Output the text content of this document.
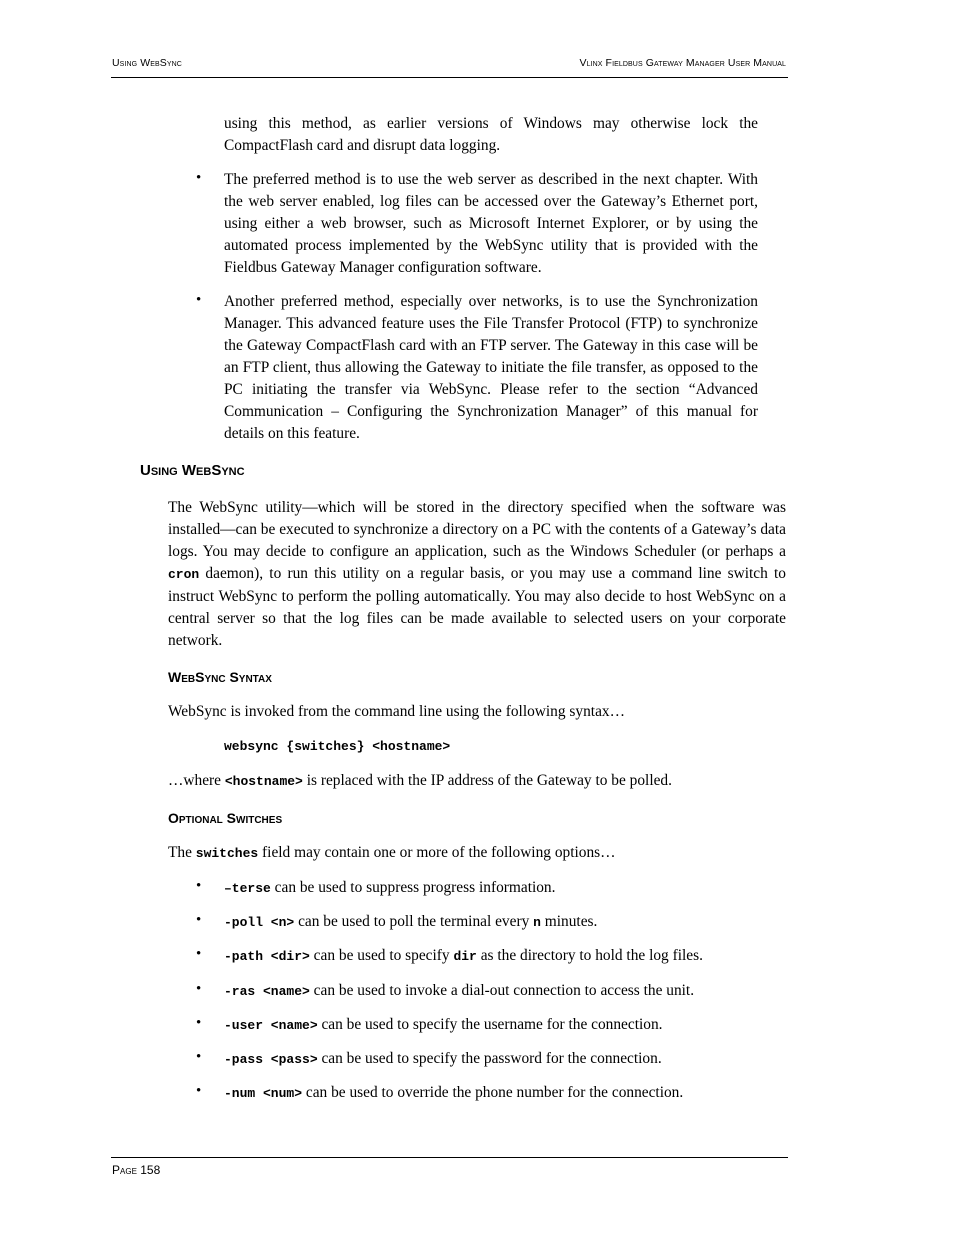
Using WebSync	Vlinx Fieldbus Gateway Manager User Manual
using this method, as earlier versions of Windows may otherwise lock the CompactFlash card and disrupt data logging.
• The preferred method is to use the web server as described in the next chapter. With the web server enabled, log files can be accessed over the Gateway’s Ethernet port, using either a web browser, such as Microsoft Internet Explorer, or by using the automated process implemented by the WebSync utility that is provided with the Fieldbus Gateway Manager configuration software.
• Another preferred method, especially over networks, is to use the Synchronization Manager. This advanced feature uses the File Transfer Protocol (FTP) to synchronize the Gateway CompactFlash card with an FTP server. The Gateway in this case will be an FTP client, thus allowing the Gateway to initiate the file transfer, as opposed to the PC initiating the transfer via WebSync. Please refer to the section “Advanced Communication – Configuring the Synchronization Manager” of this manual for details on this feature.
Using WebSync
The WebSync utility—which will be stored in the directory specified when the software was installed—can be executed to synchronize a directory on a PC with the contents of a Gateway’s data logs. You may decide to configure an application, such as the Windows Scheduler (or perhaps a cron daemon), to run this utility on a regular basis, or you may use a command line switch to instruct WebSync to perform the polling automatically. You may also decide to host WebSync on a central server so that the log files can be made available to selected users on your corporate network.
WebSync Syntax
WebSync is invoked from the command line using the following syntax…
websync {switches} <hostname>
…where <hostname> is replaced with the IP address of the Gateway to be polled.
Optional Switches
The switches field may contain one or more of the following options…
• –terse can be used to suppress progress information.
• -poll <n> can be used to poll the terminal every n minutes.
• -path <dir> can be used to specify dir as the directory to hold the log files.
• -ras <name> can be used to invoke a dial-out connection to access the unit.
• -user <name> can be used to specify the username for the connection.
• -pass <pass> can be used to specify the password for the connection.
• -num <num> can be used to override the phone number for the connection.
Page 158
